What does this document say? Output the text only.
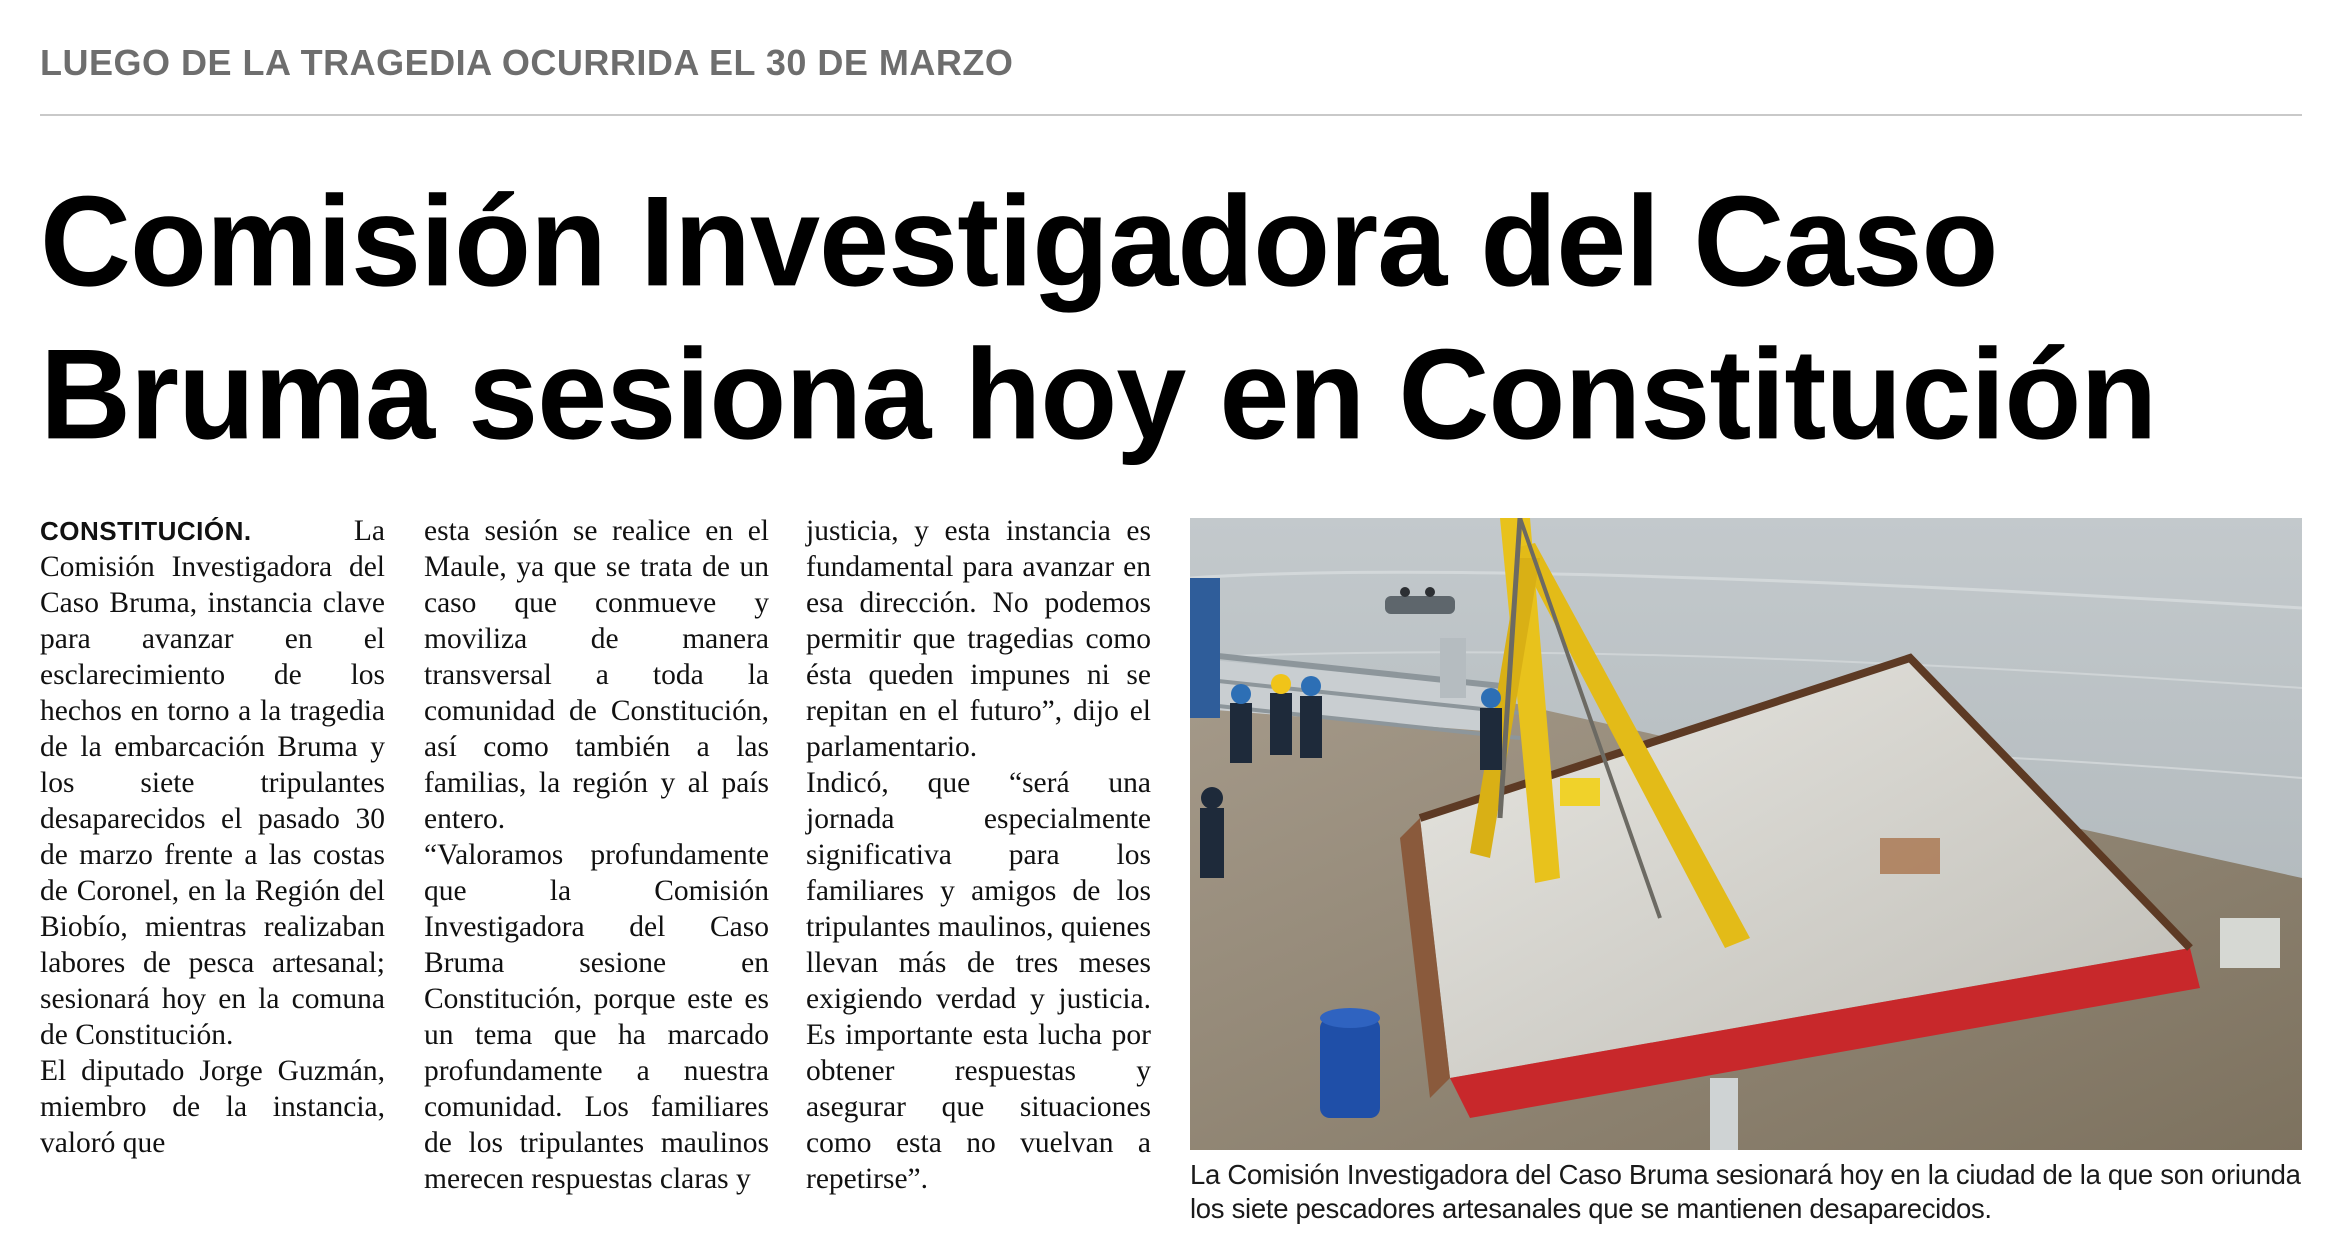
LUEGO DE LA TRAGEDIA OCURRIDA EL 30 DE MARZO
Comisión Investigadora del Caso
Bruma sesiona hoy en Constitución

CONSTITUCIÓN.	La Comisión Investigadora del Caso Bruma, instancia clave para avanzar en el esclarecimiento de los hechos en torno a la tragedia de la embarcación Bruma y los siete tripulantes desaparecidos el pasado 30 de marzo frente a las costas de Coronel, en la Región del Biobío, mientras realizaban labores de pesca artesanal; sesionará hoy en la comuna de Constitución.

El diputado Jorge Guzmán, miembro de la instancia, valoró que

esta sesión se realice en el Maule, ya que se trata de un caso que conmueve y moviliza de manera transversal a toda la comunidad de Constitución, así como también a las familias, la región y al país entero.

“Valoramos profundamente que la Comisión Investigadora del Caso Bruma sesione en Constitución, porque este es un tema que ha marcado profundamente a nuestra comunidad. Los familiares de los tripulantes maulinos merecen respuestas claras y

justicia, y esta instancia es fundamental para avanzar en esa dirección. No podemos permitir que tragedias como ésta queden impunes ni se repitan en el futuro”, dijo el parlamentario.

Indicó, que “será una jornada especialmente significativa para los familiares y amigos de los tripulantes maulinos, quienes llevan más de tres meses exigiendo verdad y justicia. Es importante esta lucha por obtener respuestas y asegurar que situaciones como esta no vuelvan a repetirse”.	La Comisión Investigadora del Caso Bruma sesionará hoy en la ciudad de la que son oriunda los siete pescadores artesanales que se mantienen desaparecidos.
